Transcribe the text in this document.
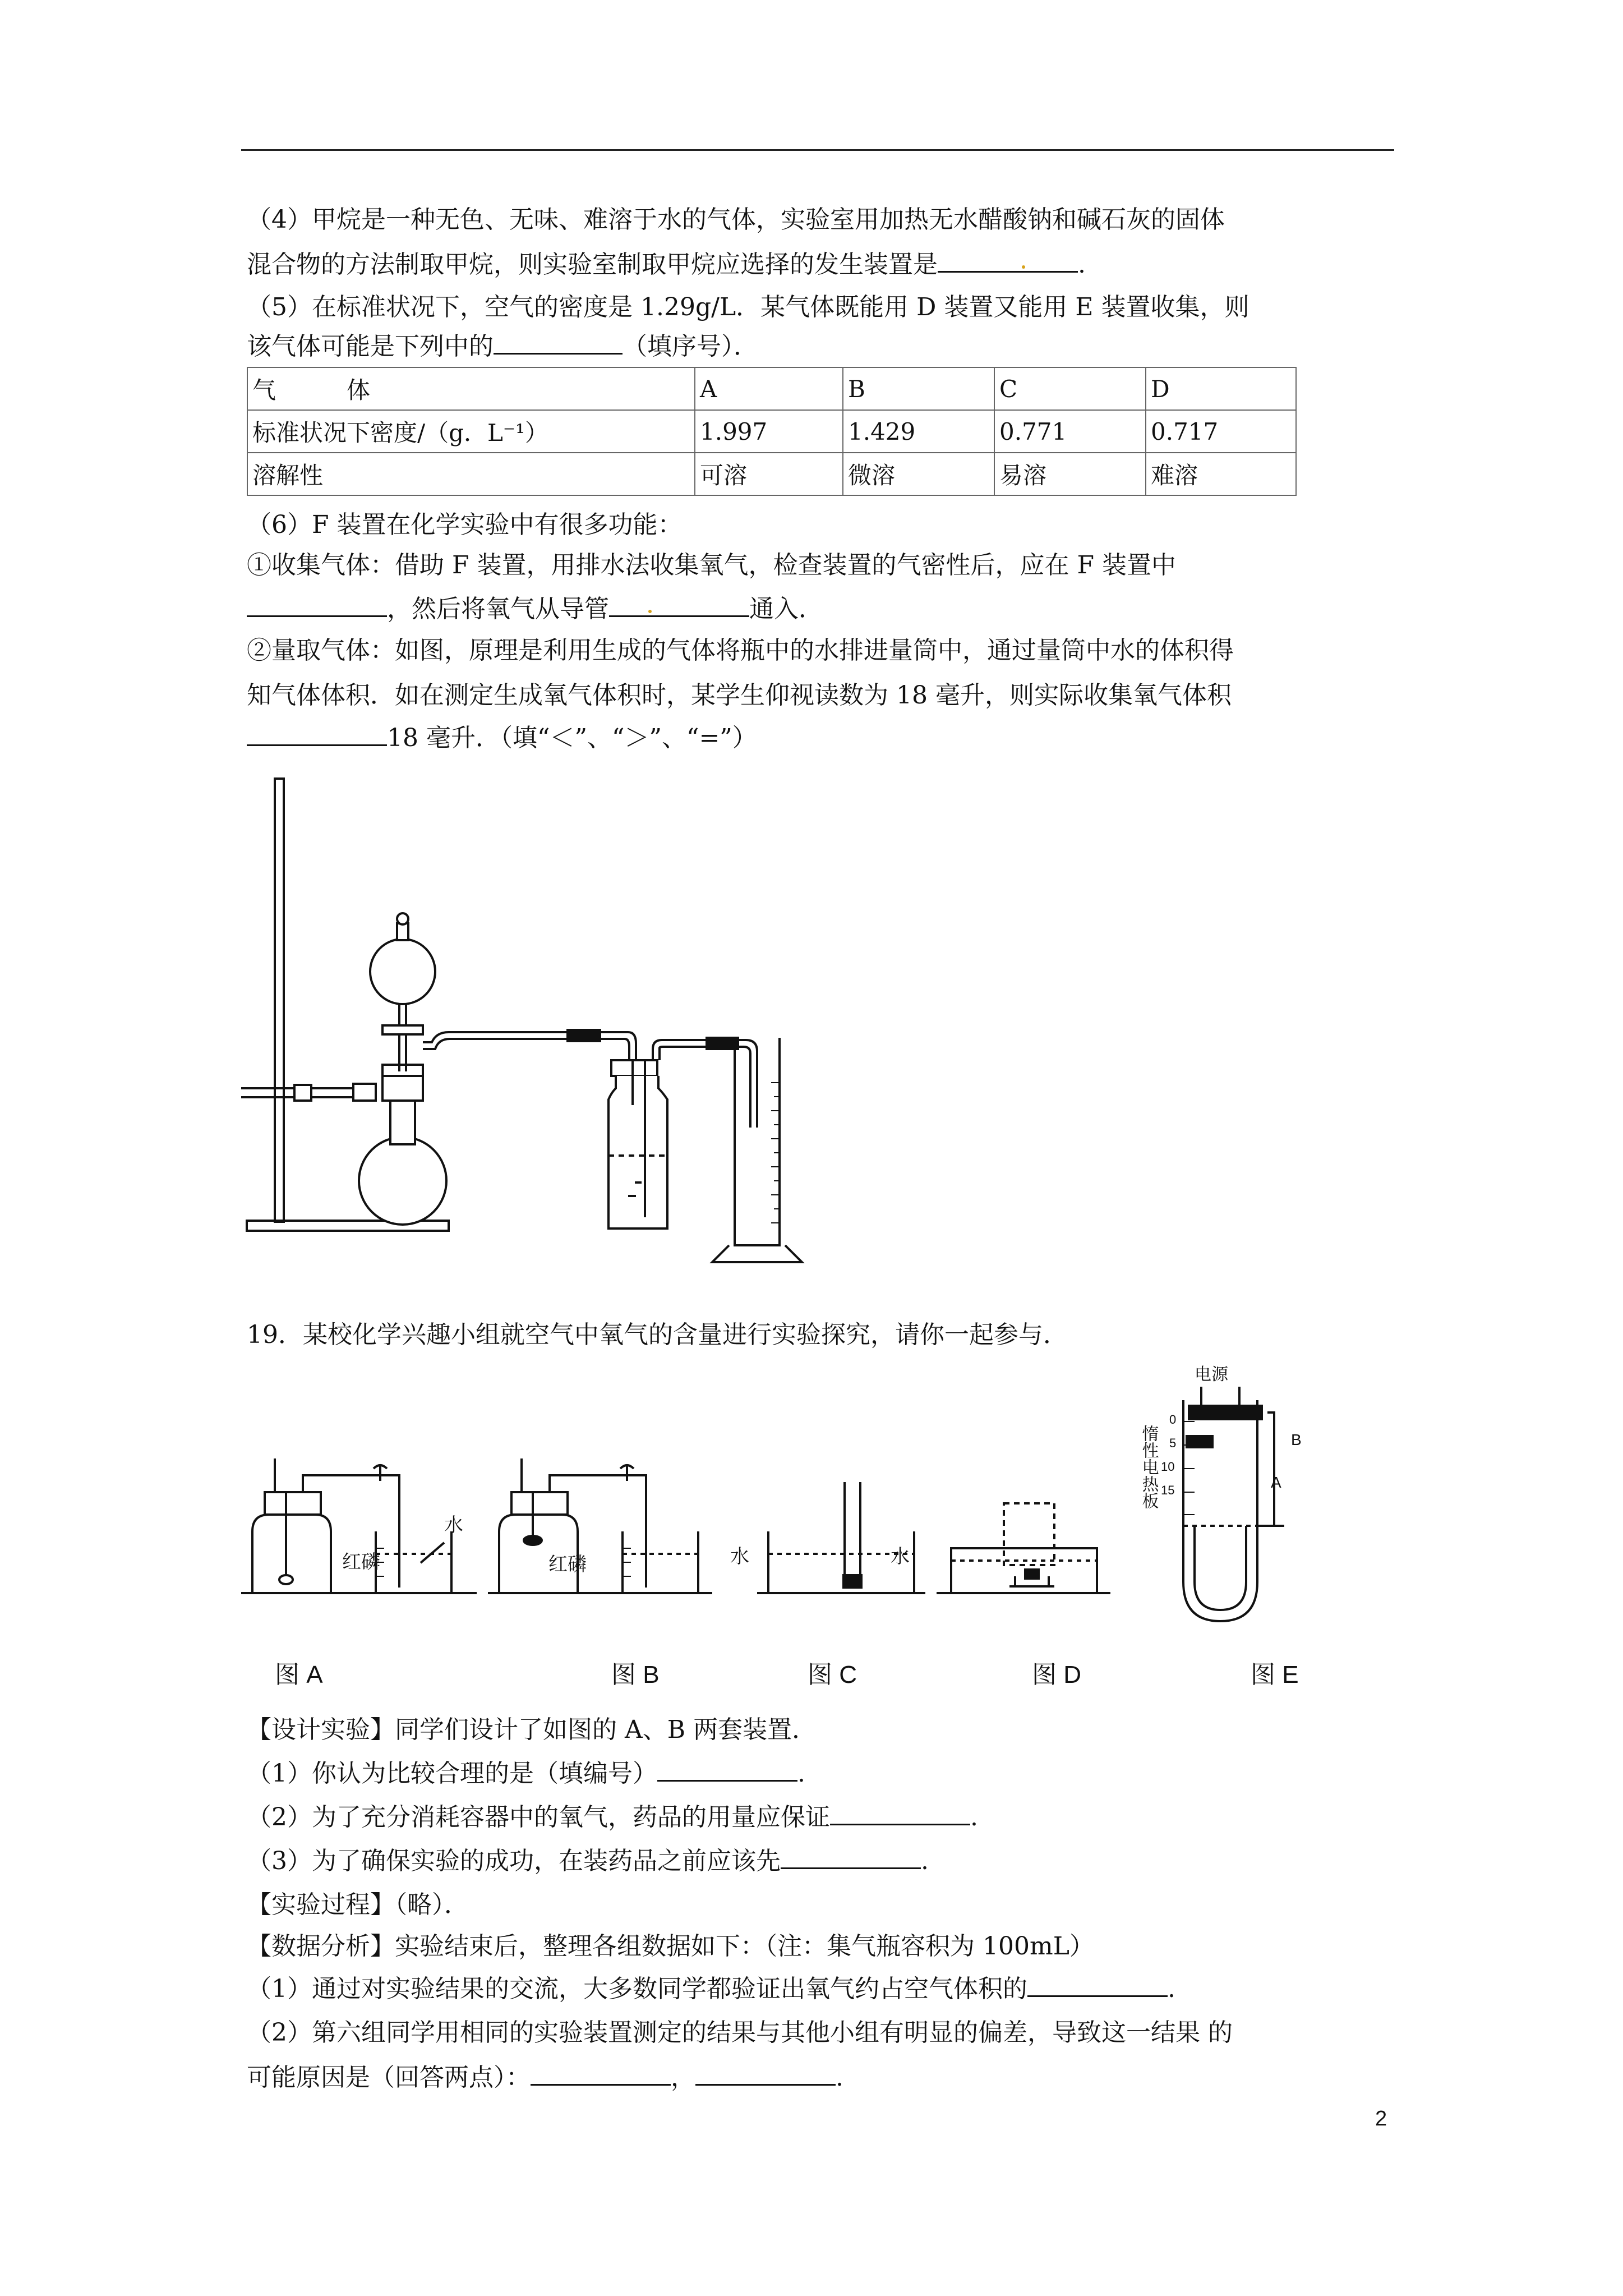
（4）甲烷是一种无色、无味、难溶于水的气体，实验室用加热无水醋酸钠和碱石灰的固体
混合物的方法制取甲烷，则实验室制取甲烷应选择的发生装置是	.
（5）在标准状况下，空气的密度是 1.29g/L．某气体既能用 D 装置又能用 E 装置收集，则
该气体可能是下列中的	（填序号）．
气　　　体	A	B	C	D
标准状况下密度/（g．L⁻¹）	1.997	1.429	0.771	0.717
溶解性	可溶	微溶	易溶	难溶
（6）F 装置在化学实验中有很多功能：
①收集气体：借助 F 装置，用排水法收集氧气，检查装置的气密性后，应在 F 装置中
，然后将氧气从导管	通入．
②量取气体：如图，原理是利用生成的气体将瓶中的水排进量筒中，通过量筒中水的体积得
知气体体积．如在测定生成氧气体积时，某学生仰视读数为 18 毫升，则实际收集氧气体积
18 毫升．（填“＜”、“＞”、“=”）
19．某校化学兴趣小组就空气中氧气的含量进行实验探究，请你一起参与．
红磷
水
红磷	水	水
电源
0
5
10
15
惰性电热板	A
B
图 A	图 B	图 C	图 D	图 E
【设计实验】同学们设计了如图的 A、B 两套装置．
（1）你认为比较合理的是（填编号）	.
（2）为了充分消耗容器中的氧气，药品的用量应保证	.
（3）为了确保实验的成功，在装药品之前应该先	.
【实验过程】（略）．
【数据分析】实验结束后，整理各组数据如下：（注：集气瓶容积为 100mL）
（1）通过对实验结果的交流，大多数同学都验证出氧气约占空气体积的	.
（2）第六组同学用相同的实验装置测定的结果与其他小组有明显的偏差，导致这一结果 的
可能原因是（回答两点）：	，	.
2
